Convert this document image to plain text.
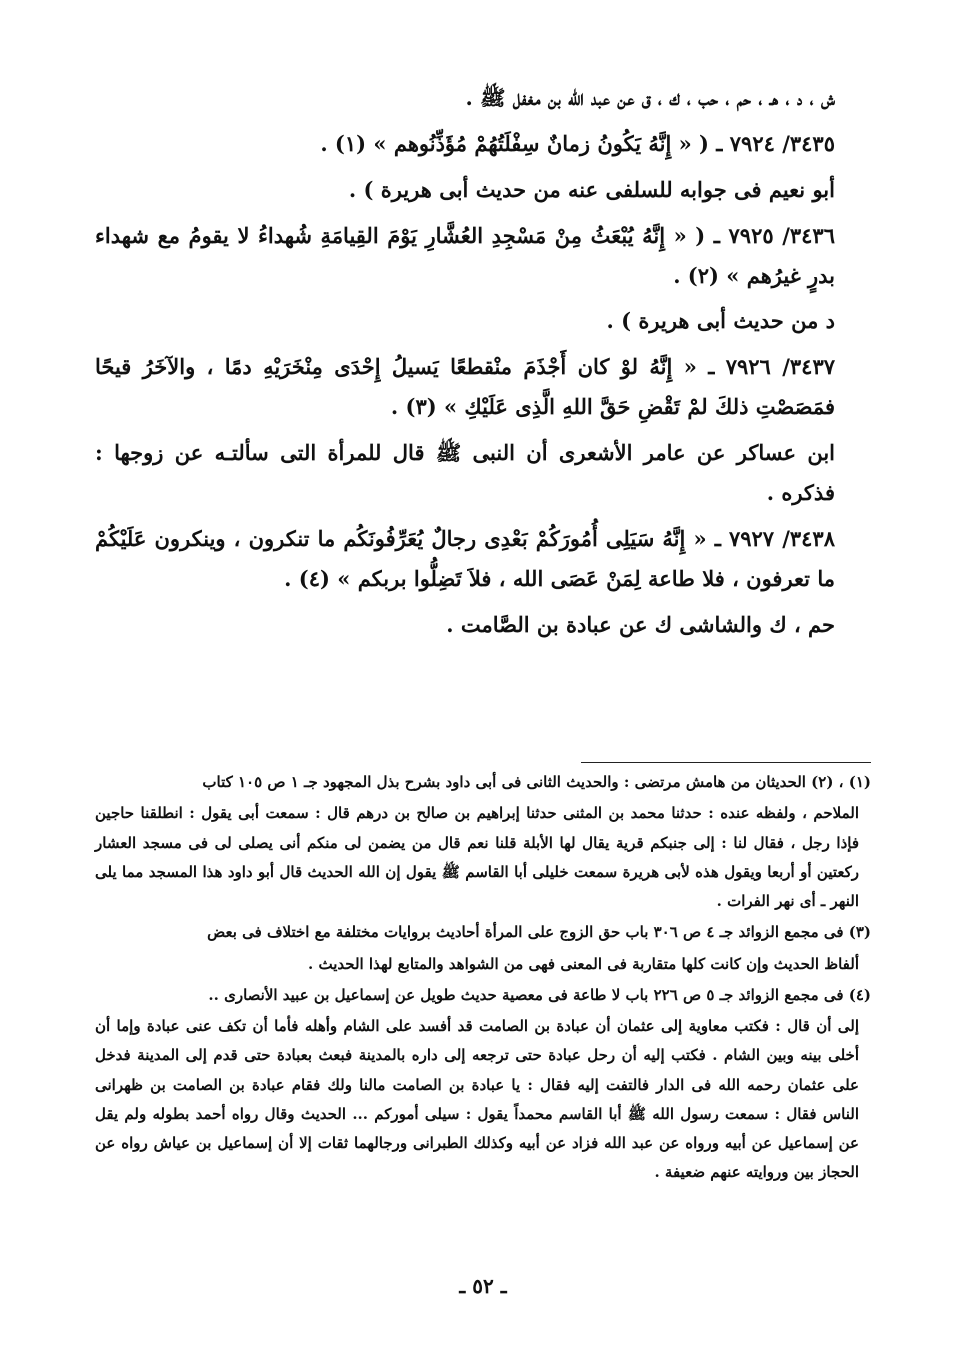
ش ، د ، هـ ، حم ، حب ، ك ، ق عن عبد الله بن مغفل ﷺ .

٣٤٣٥/ ٧٩٢٤ ـ ( « إِنَّهُ يَكُونُ زمانٌ سِفْلَتُهُمْ مُؤَذِّنُوهم » (١) .

أبو نعيم فى جوابه للسلفى عنه من حديث أبى هريرة ) .

٣٤٣٦/ ٧٩٢٥ ـ ( « إِنَّهُ يُبْعَثُ مِنْ مَسْجِدِ العُشَّارِ يَوْمَ القِيامَةِ شُهداءُ لا يقومُ مع شهداء بدرٍ غيرُهم » (٢) .

د من حديث أبى هريرة ) .

٣٤٣٧/ ٧٩٢٦ ـ « إِنَّهُ لوْ كان أَجْذَمَ منْقطعًا يَسيلُ إِحْدَى مِنْخَرَيْهِ دمًا ، والآخَرُ قيحًا فمَصَصْتِ ذلكَ لمْ تَقْضِ حَقَّ اللهِ الَّذِى عَلَيْكِ » (٣) .

ابن عساكر عن عامر الأشعرى أن النبى ﷺ قال للمرأة التى سألتـه عن زوجها : فذكره .

٣٤٣٨/ ٧٩٢٧ ـ « إِنَّهُ سَيَلِى أُمُورَكُمْ بَعْدِى رجالٌ يُعَرِّفُونَكُم ما تنكرون ، وينكرون عَلَيْكُمْ ما تعرفون ، فلا طاعة لِمَنْ عَصَى الله ، فلاَ تَضِلُّوا بربكم » (٤) .

حم ، ك والشاشى ك عن عبادة بن الصَّامت .

(١) ، (٢) الحديثان من هامش مرتضى : والحديث الثانى فى أبى داود بشرح بذل المجهود جـ ١ ص ١٠٥ كتاب

الملاحم ، ولفظه عنده : حدثنا محمد بن المثنى حدثنا إبراهيم بن صالح بن درهم قال : سمعت أبى يقول : انطلقنا حاجين فإذا رجل ، فقال لنا : إلى جنبكم قرية يقال لها الأبلة قلنا نعم قال من يضمن لى منكم أنى يصلى لى فى مسجد العشار ركعتين أو أربعا ويقول هذه لأبى هريرة سمعت خليلى أبا القاسم ﷺ يقول إن الله الحديث قال أبو داود هذا المسجد مما يلى النهر ـ أى نهر الفرات .

(٣) فى مجمع الزوائد جـ ٤ ص ٣٠٦ باب حق الزوج على المرأة أحاديث بروايات مختلفة مع اختلاف فى بعض

ألفاظ الحديث وإن كانت كلها متقاربة فى المعنى فهى من الشواهد والمتابع لهذا الحديث .

(٤) فى مجمع الزوائد جـ ٥ ص ٢٢٦ باب لا طاعة فى معصية حديث طويل عن إسماعيل بن عبيد الأنصارى ..

إلى أن قال : فكتب معاوية إلى عثمان أن عبادة بن الصامت قد أفسد على الشام وأهله فأما أن تكف عنى عبادة وإما أن أخلى بينه وبين الشام . فكتب إليه أن رحل عبادة حتى ترجعه إلى داره بالمدينة فبعث بعبادة حتى قدم إلى المدينة فدخل على عثمان رحمه الله فى الدار فالتفت إليه فقال : يا عبادة بن الصامت مالنا ولك فقام عبادة بن الصامت بن ظهرانى الناس فقال : سمعت رسول الله ﷺ أبا القاسم محمداً يقول : سيلى أموركم ... الحديث وقال رواه أحمد بطوله ولم يقل عن إسماعيل عن أبيه ورواه عن عبد الله فزاد عن أبيه وكذلك الطبرانى ورجالهما ثقات إلا أن إسماعيل بن عياش رواه عن الحجاز بين وروايته عنهم ضعيفة .

ـ ٥٢ ـ
